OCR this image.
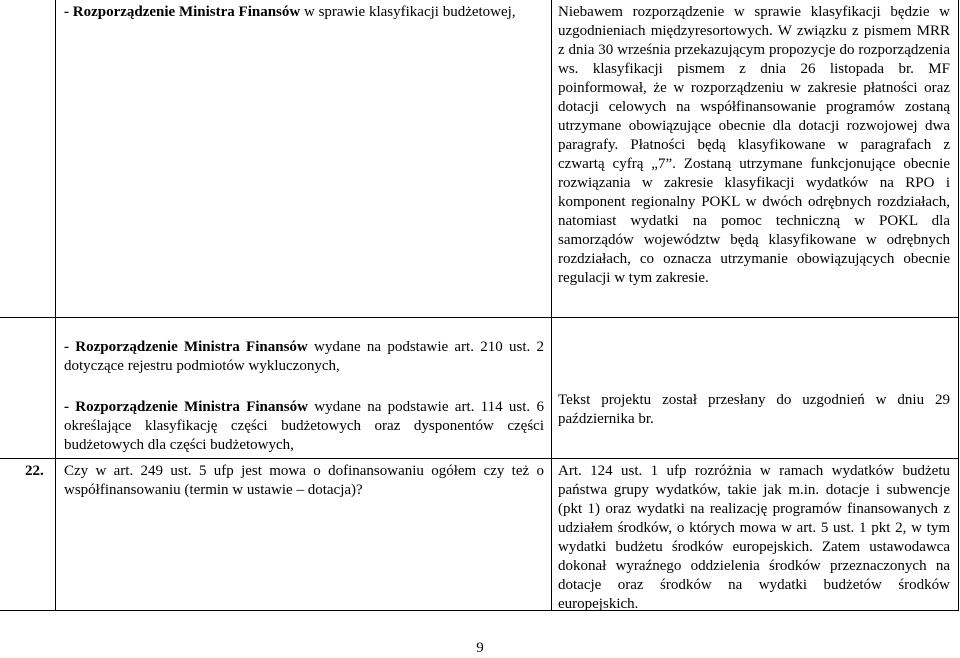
- Rozporządzenie Ministra Finansów w sprawie klasyfikacji budżetowej,	Niebawem rozporządzenie w sprawie klasyfikacji będzie w uzgodnieniach międzyresortowych. W związku z pismem MRR z dnia 30 września przekazującym propozycje do rozporządzenia ws. klasyfikacji pismem z dnia 26 listopada br. MF poinformował, że w rozporządzeniu w zakresie płatności oraz dotacji celowych na współfinansowanie programów zostaną utrzymane obowiązujące obecnie dla dotacji rozwojowej dwa paragrafy. Płatności będą klasyfikowane w paragrafach z czwartą cyfrą „7”. Zostaną utrzymane funkcjonujące obecnie rozwiązania w zakresie klasyfikacji wydatków na RPO i komponent regionalny POKL w dwóch odrębnych rozdziałach, natomiast wydatki na pomoc techniczną w POKL dla samorządów województw będą klasyfikowane w odrębnych rozdziałach, co oznacza utrzymanie obowiązujących obecnie regulacji w tym zakresie.

- Rozporządzenie Ministra Finansów wydane na podstawie art. 210 ust. 2 dotyczące rejestru podmiotów wykluczonych,

- Rozporządzenie Ministra Finansów wydane na podstawie art. 114 ust. 6 określające klasyfikację części budżetowych oraz dysponentów części budżetowych dla części budżetowych,

Tekst projektu został przesłany do uzgodnień w dniu 29 października br.

22. Czy w art. 249 ust. 5 ufp jest mowa o dofinansowaniu ogółem czy też o współfinansowaniu (termin w ustawie – dotacja)?

Art. 124 ust. 1 ufp rozróżnia w ramach wydatków budżetu państwa grupy wydatków, takie jak m.in. dotacje i subwencje (pkt 1) oraz wydatki na realizację programów finansowanych z udziałem środków, o których mowa w art. 5 ust. 1 pkt 2, w tym wydatki budżetu środków europejskich. Zatem ustawodawca dokonał wyraźnego oddzielenia środków przeznaczonych na dotacje oraz środków na wydatki budżetów środków europejskich.

9
